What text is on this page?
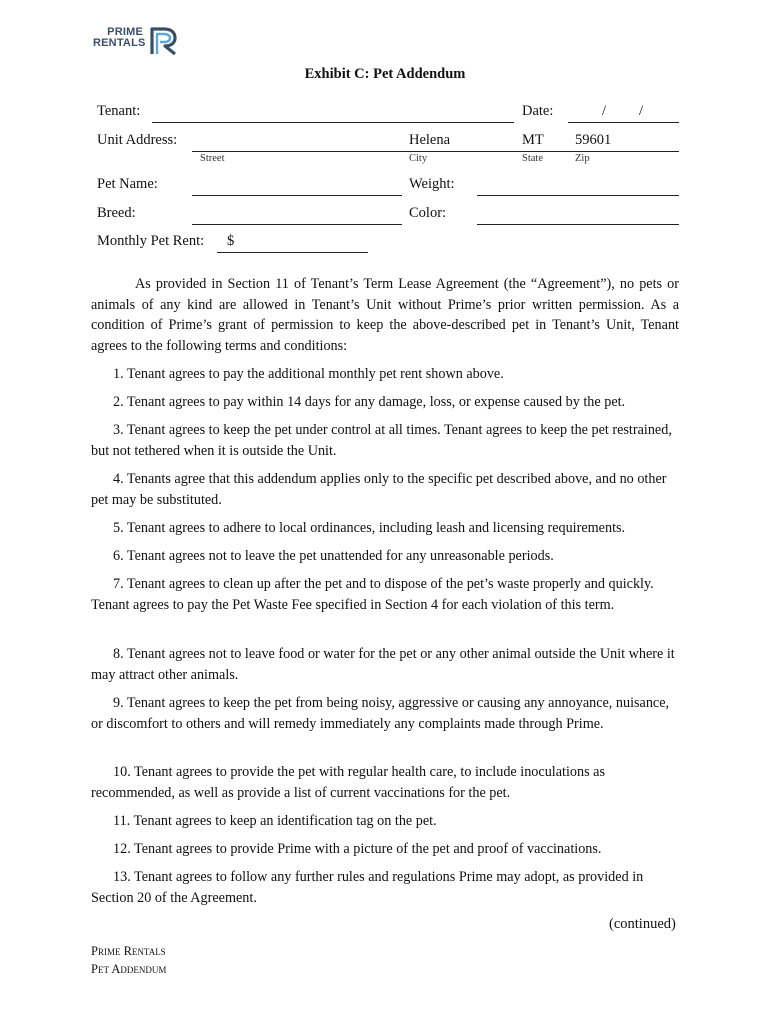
PRIME
RENTALS
Exhibit C: Pet Addendum
Tenant:	Date:	/ /
Unit Address:	Helena	MT 59601
Street	City	State	Zip
Pet Name:	Weight:
Breed:	Color:
Monthly Pet Rent: $
As provided in Section 11 of Tenant’s Term Lease Agreement (the “Agreement”), no pets or animals of any kind are allowed in Tenant’s Unit without Prime’s prior written permission. As a condition of Prime’s grant of permission to keep the above-described pet in Tenant’s Unit, Tenant agrees to the following terms and conditions:
1. Tenant agrees to pay the additional monthly pet rent shown above.
2. Tenant agrees to pay within 14 days for any damage, loss, or expense caused by the pet.
3. Tenant agrees to keep the pet under control at all times. Tenant agrees to keep the pet restrained, but not tethered when it is outside the Unit.
4. Tenants agree that this addendum applies only to the specific pet described above, and no other pet may be substituted.
5. Tenant agrees to adhere to local ordinances, including leash and licensing requirements.
6. Tenant agrees not to leave the pet unattended for any unreasonable periods.
7. Tenant agrees to clean up after the pet and to dispose of the pet’s waste properly and quickly. Tenant agrees to pay the Pet Waste Fee specified in Section 4 for each violation of this term.
8. Tenant agrees not to leave food or water for the pet or any other animal outside the Unit where it may attract other animals.
9. Tenant agrees to keep the pet from being noisy, aggressive or causing any annoyance, nuisance, or discomfort to others and will remedy immediately any complaints made through Prime.
10. Tenant agrees to provide the pet with regular health care, to include inoculations as recommended, as well as provide a list of current vaccinations for the pet.
11. Tenant agrees to keep an identification tag on the pet.
12. Tenant agrees to provide Prime with a picture of the pet and proof of vaccinations.
13. Tenant agrees to follow any further rules and regulations Prime may adopt, as provided in Section 20 of the Agreement.
(continued)
Prime Rentals
Pet Addendum
